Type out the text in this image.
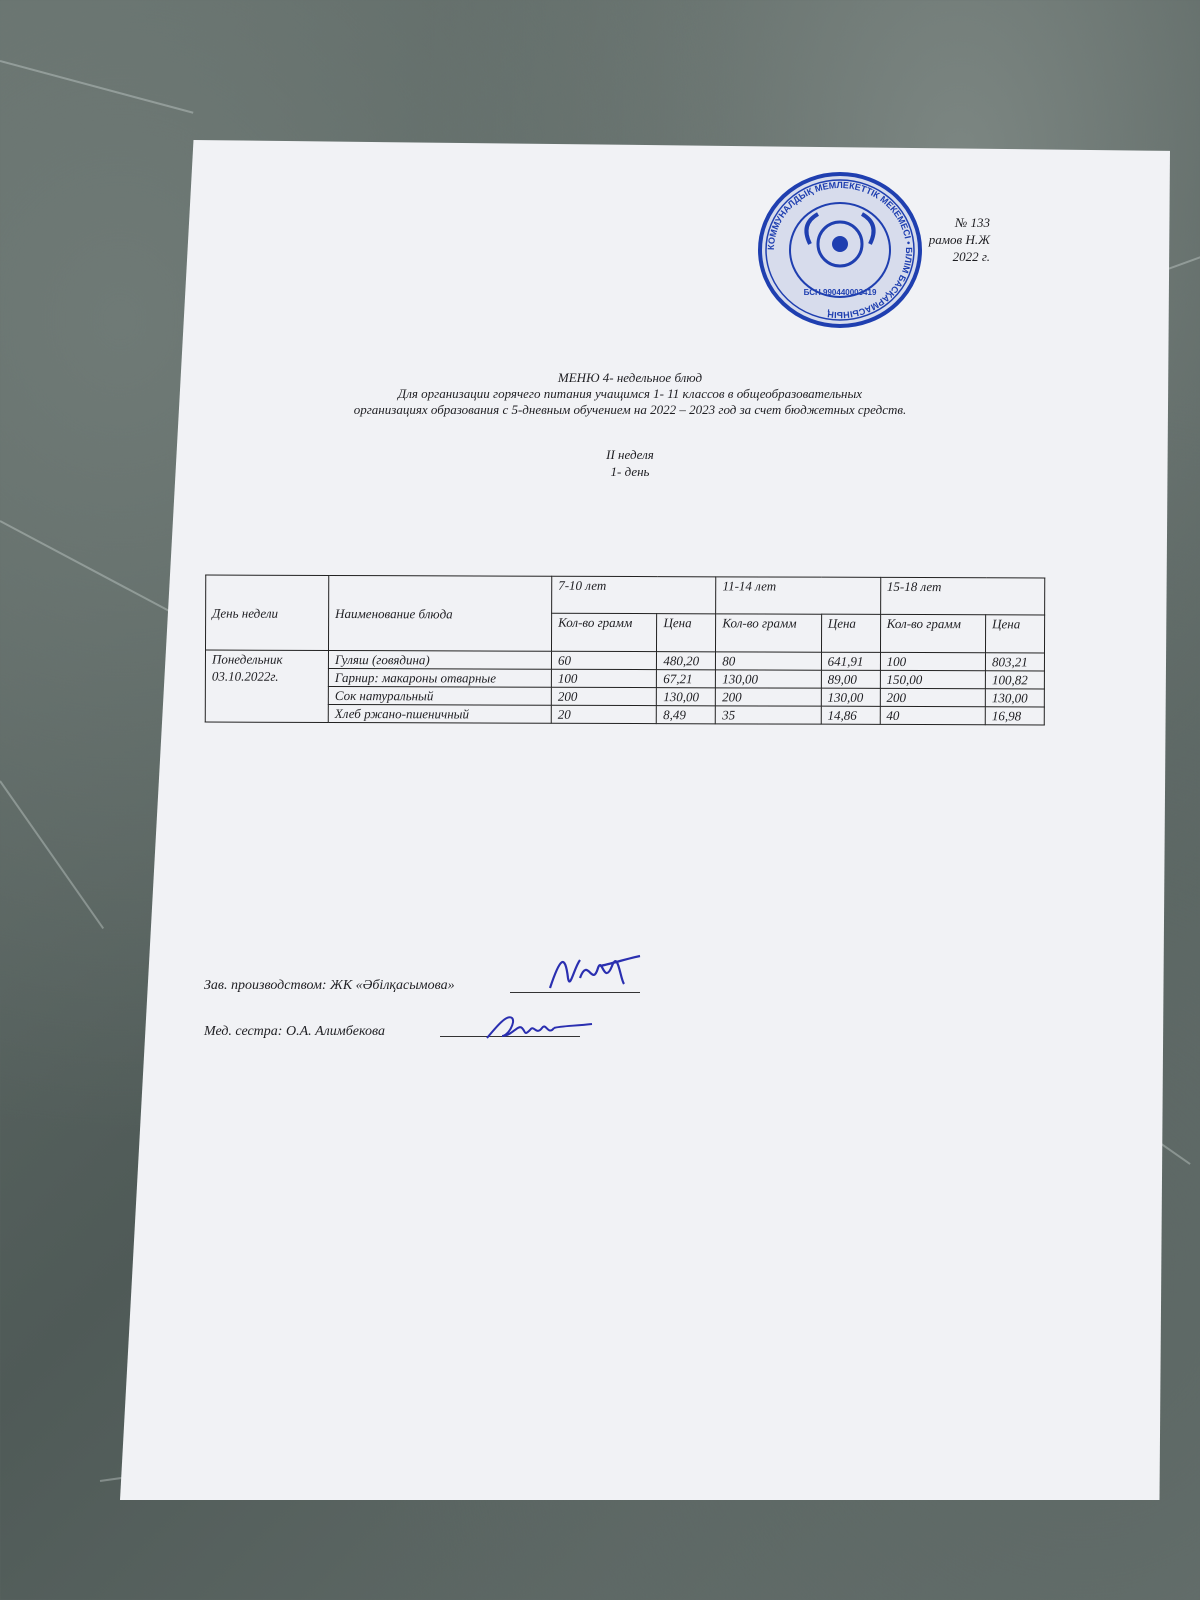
№ 133
рамов Н.Ж
2022 г.
КОММУНАЛДЫҚ МЕМЛЕКЕТТІК МЕКЕМЕСІ • БІЛІМ БАСҚАРМАСЫНЫҢ
БСН 990440003419
МЕНЮ 4- недельное блюд
Для организации горячего питания учащимся 1- 11 классов в общеобразовательных
организациях образования с 5-дневным обучением на 2022 – 2023 год за счет бюджетных средств.
II неделя
1- день
День недели	Наименование блюда	7-10 лет		11-14 лет		15-18 лет	
		Кол-во грамм	Цена	Кол-во грамм	Цена	Кол-во грамм	Цена

Понедельник
03.10.2022г.	Гуляш (говядина)	60	480,20	80	641,91	100	803,21
	Гарнир: макароны отварные	100	67,21	130,00	89,00	150,00	100,82
	Сок натуральный	200	130,00	200	130,00	200	130,00
	Хлеб ржано-пшеничный	20	8,49	35	14,86	40	16,98
Зав. производством: ЖК «Әбілқасымова»
Мед. сестра: О.А. Алимбекова
